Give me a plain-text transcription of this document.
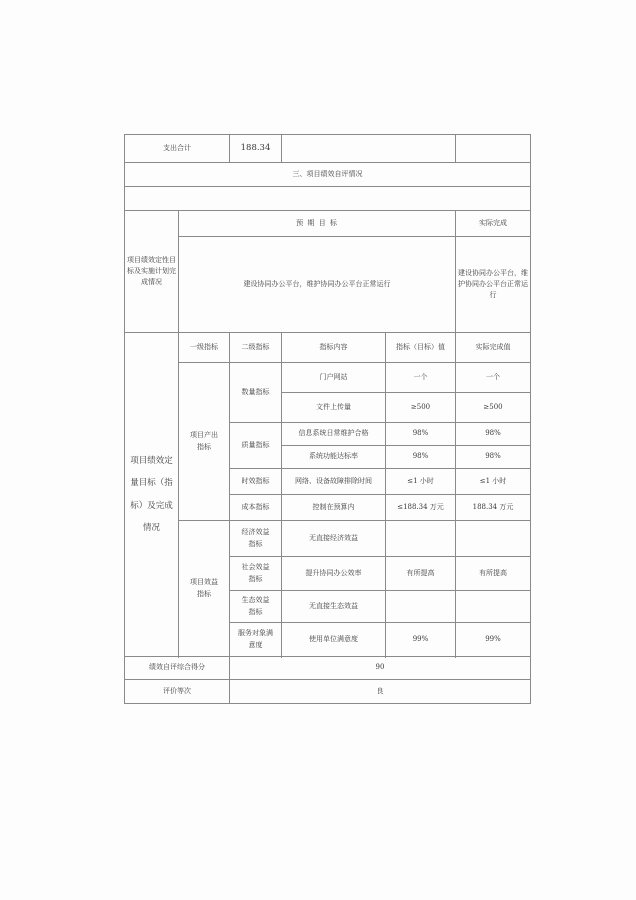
支出合计		188.34			
三、项目绩效自评情况					

项目绩效定性目标及实施计划完成情况	预 期 目 标				实际完成
	建设协同办公平台，维护协同办公平台正常运行				建设协同办公平台，维护协同办公平台正常运行
项目绩效定量目标（指标）及完成情况	一级指标	二级指标	指标内容	指标（目标）值	实际完成值
	项目产出指标	数量指标	门户网站	一个	一个
			文件上传量	≥500	≥500
		质量指标	信息系统日常维护合格	98%	98%
			系统功能达标率	98%	98%
		时效指标	网络、设备故障排除时间	≤1 小时	≤1 小时
		成本指标	控制在预算内	≤188.34 万元	188.34 万元
	项目效益指标	经济效益指标	无直接经济效益		

		社会效益指标	提升协同办公效率	有所提高	有所提高

		生态效益指标	无直接生态效益		

		服务对象满意度	使用单位满意度	99%	99%

绩效自评综合得分		90			
评价等次		良			
